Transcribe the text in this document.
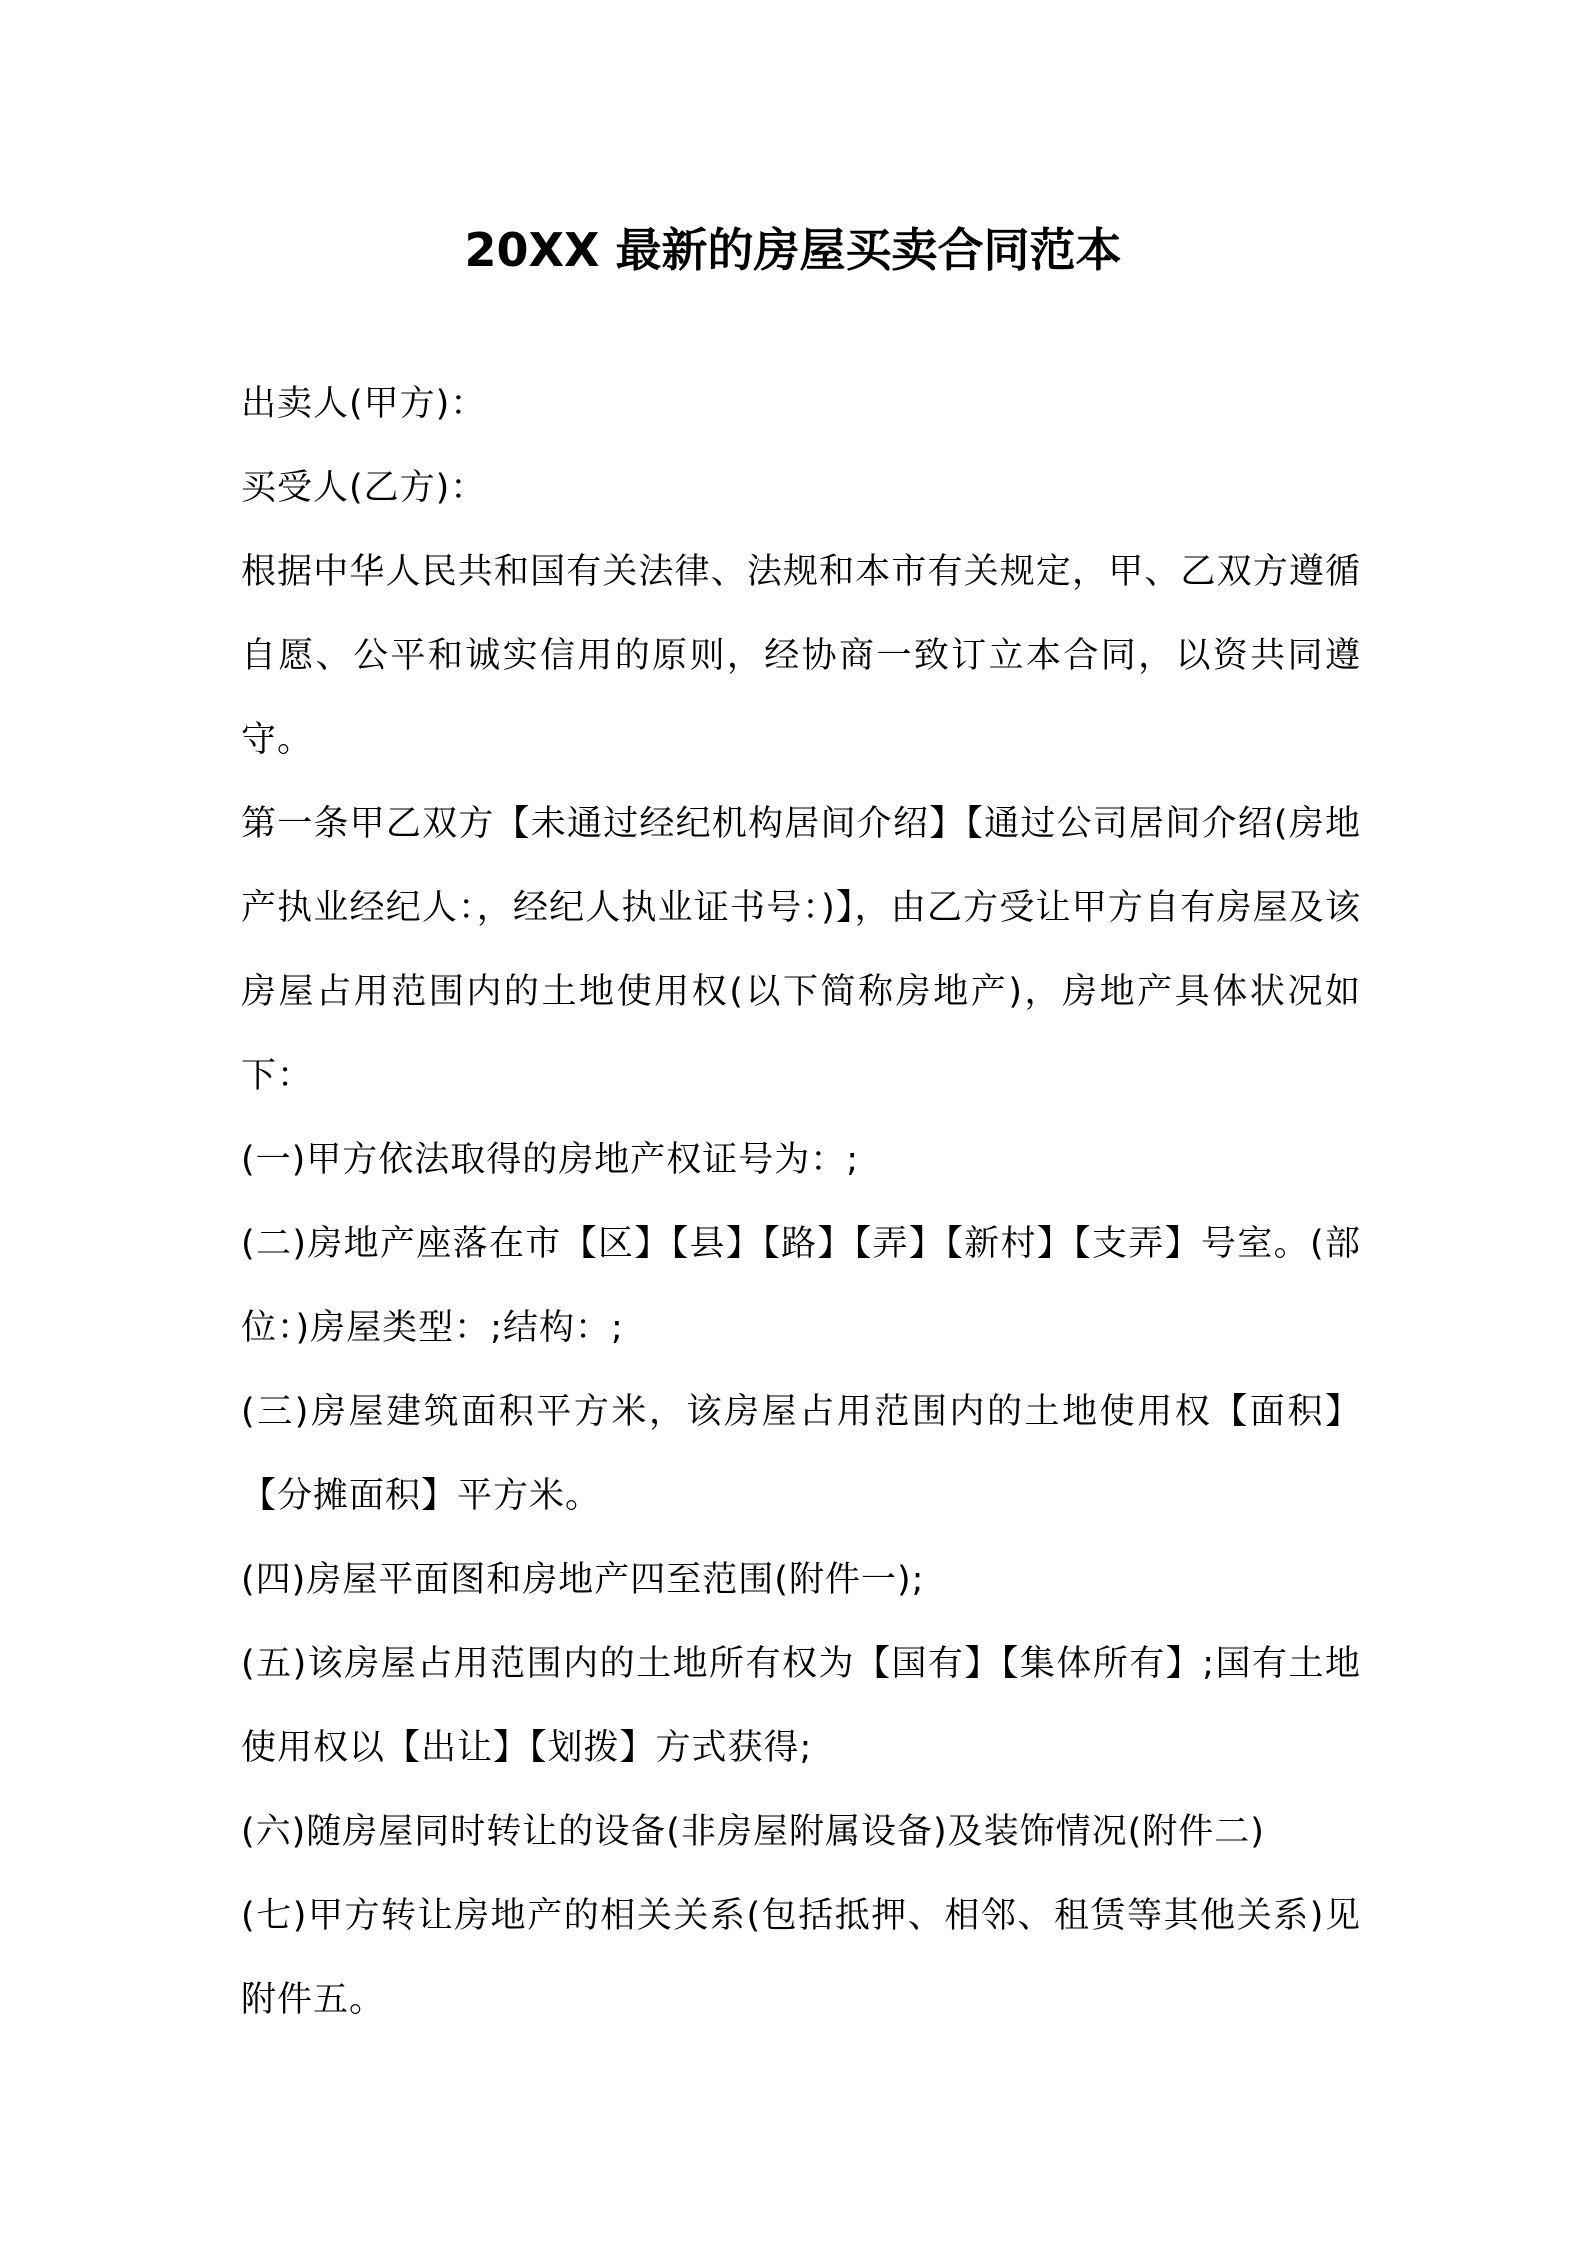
20XX 最新的房屋买卖合同范本

出卖人(甲方)：

买受人(乙方)：

根据中华人民共和国有关法律、法规和本市有关规定，甲、乙双方遵循自愿、公平和诚实信用的原则，经协商一致订立本合同，以资共同遵守。

第一条甲乙双方【未通过经纪机构居间介绍】【通过公司居间介绍(房地产执业经纪人：，经纪人执业证书号：)】，由乙方受让甲方自有房屋及该房屋占用范围内的土地使用权(以下简称房地产)，房地产具体状况如下：

(一)甲方依法取得的房地产权证号为：;

(二)房地产座落在市【区】【县】【路】【弄】【新村】【支弄】号室。(部位：)房屋类型：;结构：;

(三)房屋建筑面积平方米，该房屋占用范围内的土地使用权【面积】【分摊面积】平方米。

(四)房屋平面图和房地产四至范围(附件一);

(五)该房屋占用范围内的土地所有权为【国有】【集体所有】;国有土地使用权以【出让】【划拨】方式获得;

(六)随房屋同时转让的设备(非房屋附属设备)及装饰情况(附件二)

(七)甲方转让房地产的相关关系(包括抵押、相邻、租赁等其他关系)见附件五。
